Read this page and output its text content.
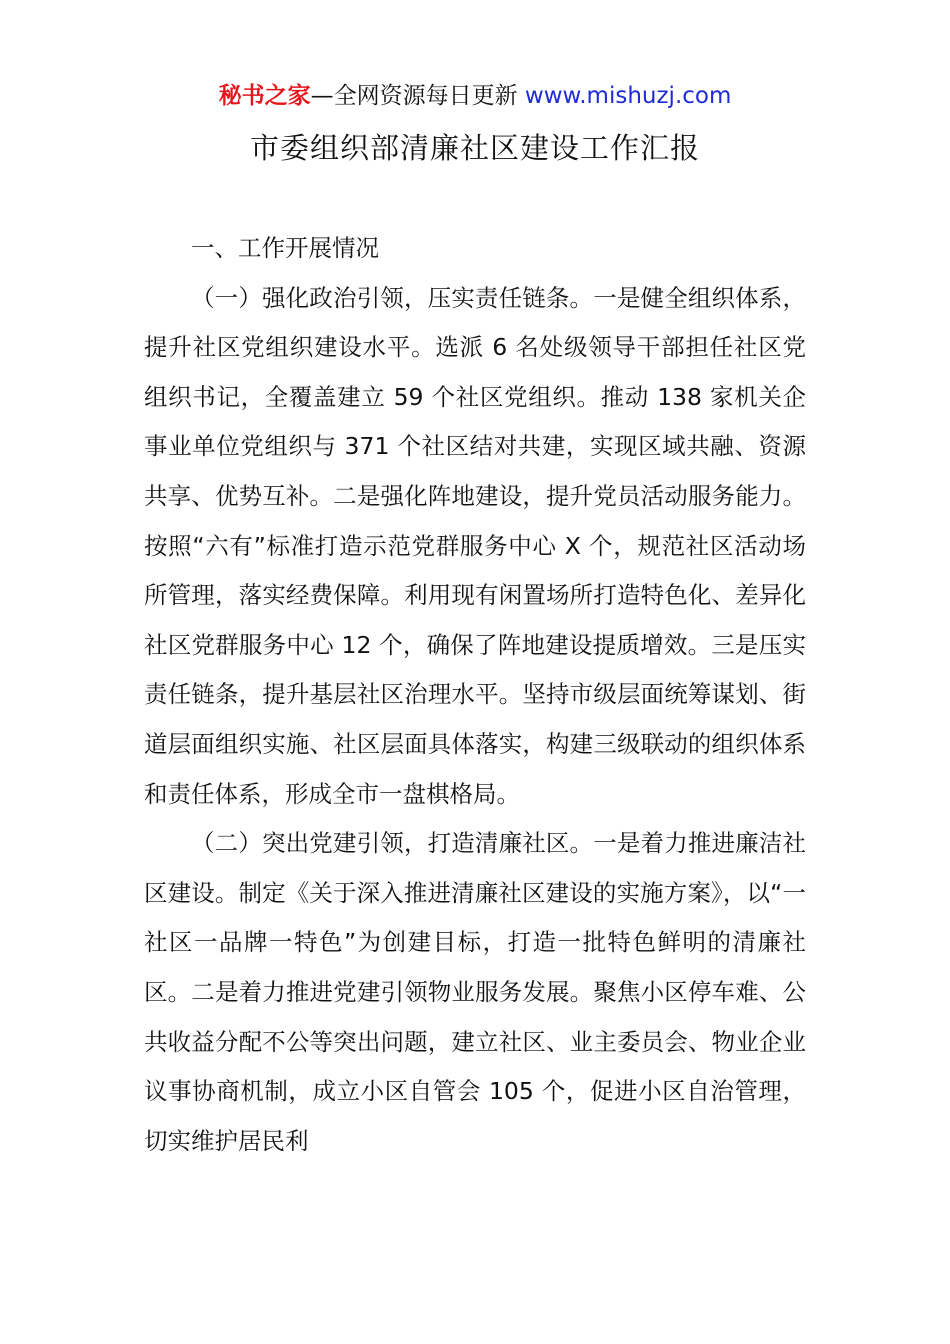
秘书之家—全网资源每日更新 www.mishuzj.com
市委组织部清廉社区建设工作汇报

一、工作开展情况

（一）强化政治引领，压实责任链条。一是健全组织体系，提升社区党组织建设水平。选派 6 名处级领导干部担任社区党组织书记，全覆盖建立 59 个社区党组织。推动 138 家机关企事业单位党组织与 371 个社区结对共建，实现区域共融、资源共享、优势互补。二是强化阵地建设，提升党员活动服务能力。按照“六有”标准打造示范党群服务中心 X 个，规范社区活动场所管理，落实经费保障。利用现有闲置场所打造特色化、差异化社区党群服务中心 12 个，确保了阵地建设提质增效。三是压实责任链条，提升基层社区治理水平。坚持市级层面统筹谋划、街道层面组织实施、社区层面具体落实，构建三级联动的组织体系和责任体系，形成全市一盘棋格局。

（二）突出党建引领，打造清廉社区。一是着力推进廉洁社区建设。制定《关于深入推进清廉社区建设的实施方案》，以“一社区一品牌一特色”为创建目标，打造一批特色鲜明的清廉社区。二是着力推进党建引领物业服务发展。聚焦小区停车难、公共收益分配不公等突出问题，建立社区、业主委员会、物业企业议事协商机制，成立小区自管会 105 个，促进小区自治管理，切实维护居民利
